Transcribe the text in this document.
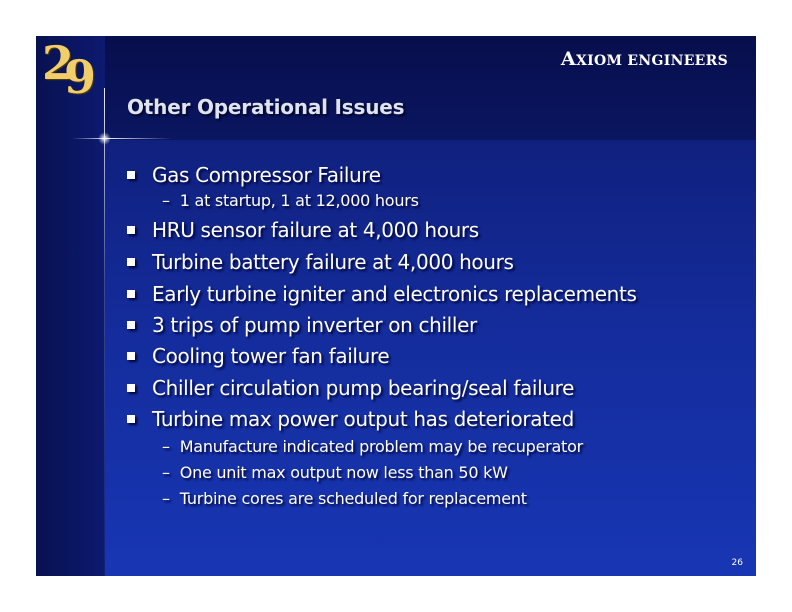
2
9	AXIOM ENGINEERS
Other Operational Issues
Gas Compressor Failure
– 1 at startup, 1 at 12,000 hours
HRU sensor failure at 4,000 hours
Turbine battery failure at 4,000 hours
Early turbine igniter and electronics replacements
3 trips of pump inverter on chiller
Cooling tower fan failure
Chiller circulation pump bearing/seal failure
Turbine max power output has deteriorated
– Manufacture indicated problem may be recuperator
– One unit max output now less than 50 kW
– Turbine cores are scheduled for replacement
26
